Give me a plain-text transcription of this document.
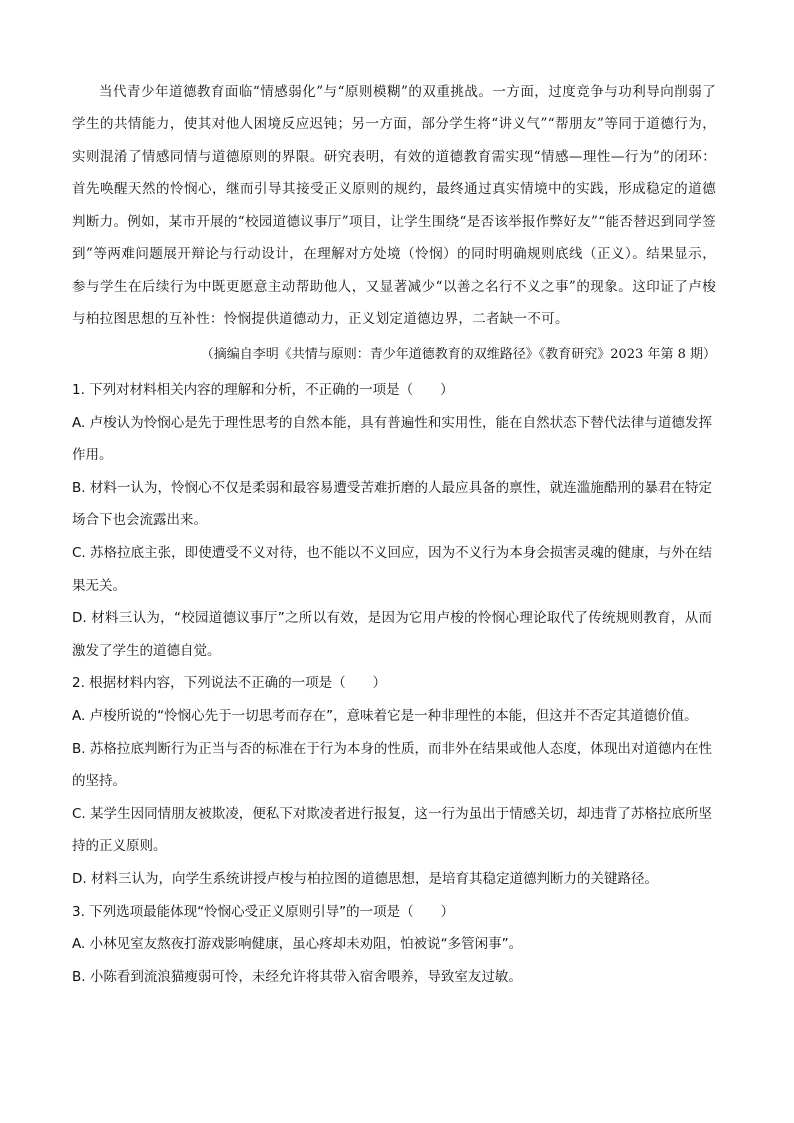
当代青少年道德教育面临“情感弱化”与“原则模糊”的双重挑战。一方面，过度竞争与功利导向削弱了学生的共情能力，使其对他人困境反应迟钝；另一方面，部分学生将“讲义气”“帮朋友”等同于道德行为，实则混淆了情感同情与道德原则的界限。研究表明，有效的道德教育需实现“情感—理性—行为”的闭环：首先唤醒天然的怜悯心，继而引导其接受正义原则的规约，最终通过真实情境中的实践，形成稳定的道德判断力。例如，某市开展的“校园道德议事厅”项目，让学生围绕“是否该举报作弊好友”“能否替迟到同学签到”等两难问题展开辩论与行动设计，在理解对方处境（怜悯）的同时明确规则底线（正义）。结果显示，参与学生在后续行为中既更愿意主动帮助他人，又显著减少“以善之名行不义之事”的现象。这印证了卢梭与柏拉图思想的互补性：怜悯提供道德动力，正义划定道德边界，二者缺一不可。

（摘编自李明《共情与原则：青少年道德教育的双维路径》《教育研究》2023 年第 8 期）

1. 下列对材料相关内容的理解和分析，不正确的一项是（　　）

A. 卢梭认为怜悯心是先于理性思考的自然本能，具有普遍性和实用性，能在自然状态下替代法律与道德发挥作用。

B. 材料一认为，怜悯心不仅是柔弱和最容易遭受苦难折磨的人最应具备的禀性，就连滥施酷刑的暴君在特定场合下也会流露出来。

C. 苏格拉底主张，即使遭受不义对待，也不能以不义回应，因为不义行为本身会损害灵魂的健康，与外在结果无关。

D. 材料三认为，“校园道德议事厅”之所以有效，是因为它用卢梭的怜悯心理论取代了传统规则教育，从而激发了学生的道德自觉。

2. 根据材料内容，下列说法不正确的一项是（　　）

A. 卢梭所说的“怜悯心先于一切思考而存在”，意味着它是一种非理性的本能，但这并不否定其道德价值。

B. 苏格拉底判断行为正当与否的标准在于行为本身的性质，而非外在结果或他人态度，体现出对道德内在性的坚持。

C. 某学生因同情朋友被欺凌，便私下对欺凌者进行报复，这一行为虽出于情感关切，却违背了苏格拉底所坚持的正义原则。

D. 材料三认为，向学生系统讲授卢梭与柏拉图的道德思想，是培育其稳定道德判断力的关键路径。

3. 下列选项最能体现“怜悯心受正义原则引导”的一项是（　　）

A. 小林见室友熬夜打游戏影响健康，虽心疼却未劝阻，怕被说“多管闲事”。

B. 小陈看到流浪猫瘦弱可怜，未经允许将其带入宿舍喂养，导致室友过敏。
